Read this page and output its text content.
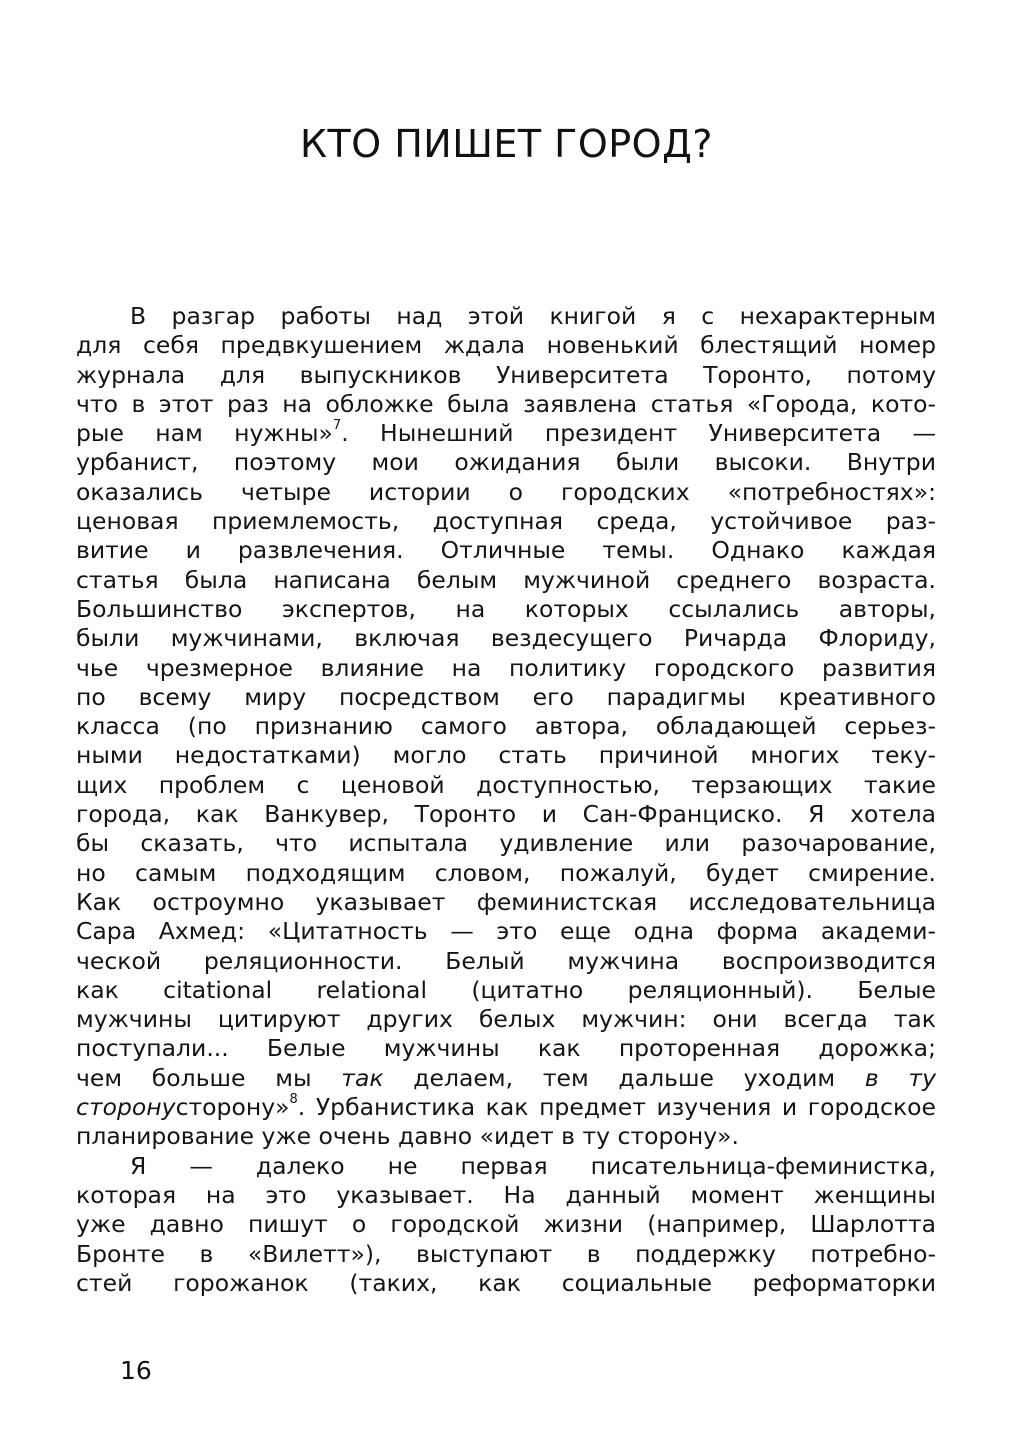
КТО ПИШЕТ ГОРОД?
В разгар работы над этой книгой я с нехарактерным
для себя предвкушением ждала новенький блестящий номер
журнала для выпускников Университета Торонто, потому
что в этот раз на обложке была заявлена статья «Города, кото-
рые нам нужны»$^7$. Нынешний президент Университета —
урбанист, поэтому мои ожидания были высоки. Внутри
оказались четыре истории о городских «потребностях»:
ценовая приемлемость, доступная среда, устойчивое раз-
витие и развлечения. Отличные темы. Однако каждая
статья была написана белым мужчиной среднего возраста.
Большинство экспертов, на которых ссылались авторы,
были мужчинами, включая вездесущего Ричарда Флориду,
чье чрезмерное влияние на политику городского развития
по всему миру посредством его парадигмы креативного
класса (по признанию самого автора, обладающей серьез-
ными недостатками) могло стать причиной многих теку-
щих проблем с ценовой доступностью, терзающих такие
города, как Ванкувер, Торонто и Сан-Франциско. Я хотела
бы сказать, что испытала удивление или разочарование,
но самым подходящим словом, пожалуй, будет смирение.
Как остроумно указывает феминистская исследовательница
Сара Ахмед: «Цитатность — это еще одна форма академи-
ческой реляционности. Белый мужчина воспроизводится
как citational relational (цитатно реляционный). Белые
мужчины цитируют других белых мужчин: они всегда так
поступали... Белые мужчины как проторенная дорожка;
чем больше мы так делаем, тем дальше уходим в ту
сторонусторону»$^8$. Урбанистика как предмет изучения и городское
планирование уже очень давно «идет в ту сторону».
Я — далеко не первая писательница-феминистка,
которая на это указывает. На данный момент женщины
уже давно пишут о городской жизни (например, Шарлотта
Бронте в «Вилетт»), выступают в поддержку потребно-
стей горожанок (таких, как социальные реформаторки
16
